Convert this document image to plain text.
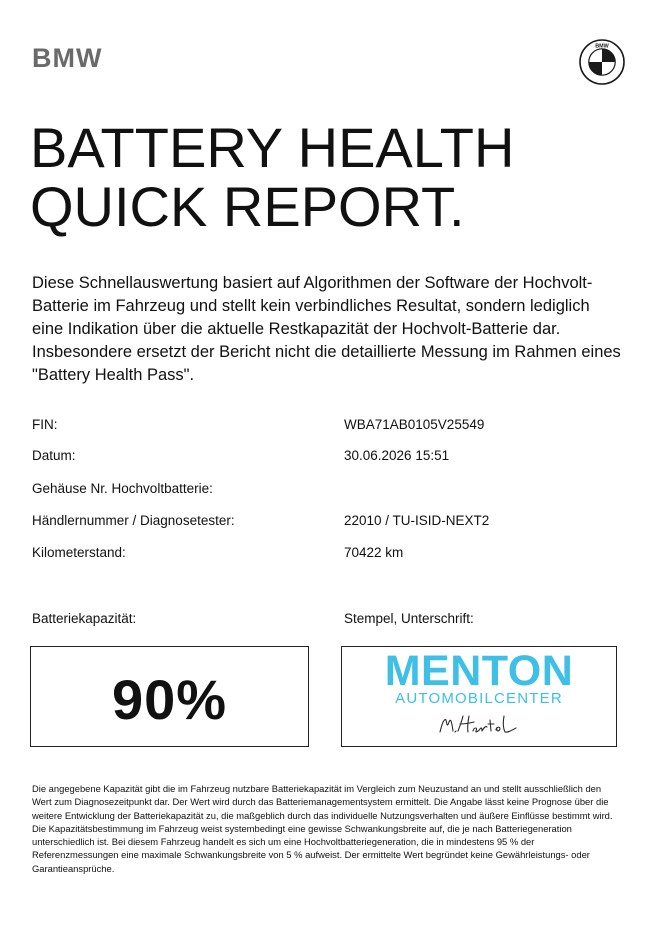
BMW	BMW
BATTERY HEALTH
QUICK REPORT.

Diese Schnellauswertung basiert auf Algorithmen der Software der Hochvolt-Batterie im Fahrzeug und stellt kein verbindliches Resultat, sondern lediglich eine Indikation über die aktuelle Restkapazität der Hochvolt-Batterie dar. Insbesondere ersetzt der Bericht nicht die detaillierte Messung im Rahmen eines "Battery Health Pass".

FIN:	WBA71AB0105V25549
Datum:	30.06.2026 15:51
Gehäuse Nr. Hochvoltbatterie:
Händlernummer / Diagnosetester:	22010 / TU-ISID-NEXT2
Kilometerstand:	70422 km
Batteriekapazität:	Stempel, Unterschrift:
90%	MENTON
AUTOMOBILCENTER

Die angegebene Kapazität gibt die im Fahrzeug nutzbare Batteriekapazität im Vergleich zum Neuzustand an und stellt ausschließlich den Wert zum Diagnosezeitpunkt dar. Der Wert wird durch das Batteriemanagementsystem ermittelt. Die Angabe lässt keine Prognose über die weitere Entwicklung der Batteriekapazität zu, die maßgeblich durch das individuelle Nutzungsverhalten und äußere Einflüsse bestimmt wird. Die Kapazitätsbestimmung im Fahrzeug weist systembedingt eine gewisse Schwankungsbreite auf, die je nach Batteriegeneration unterschiedlich ist. Bei diesem Fahrzeug handelt es sich um eine Hochvoltbatteriegeneration, die in mindestens 95 % der Referenzmessungen eine maximale Schwankungsbreite von 5 % aufweist. Der ermittelte Wert begründet keine Gewährleistungs- oder Garantieansprüche.
